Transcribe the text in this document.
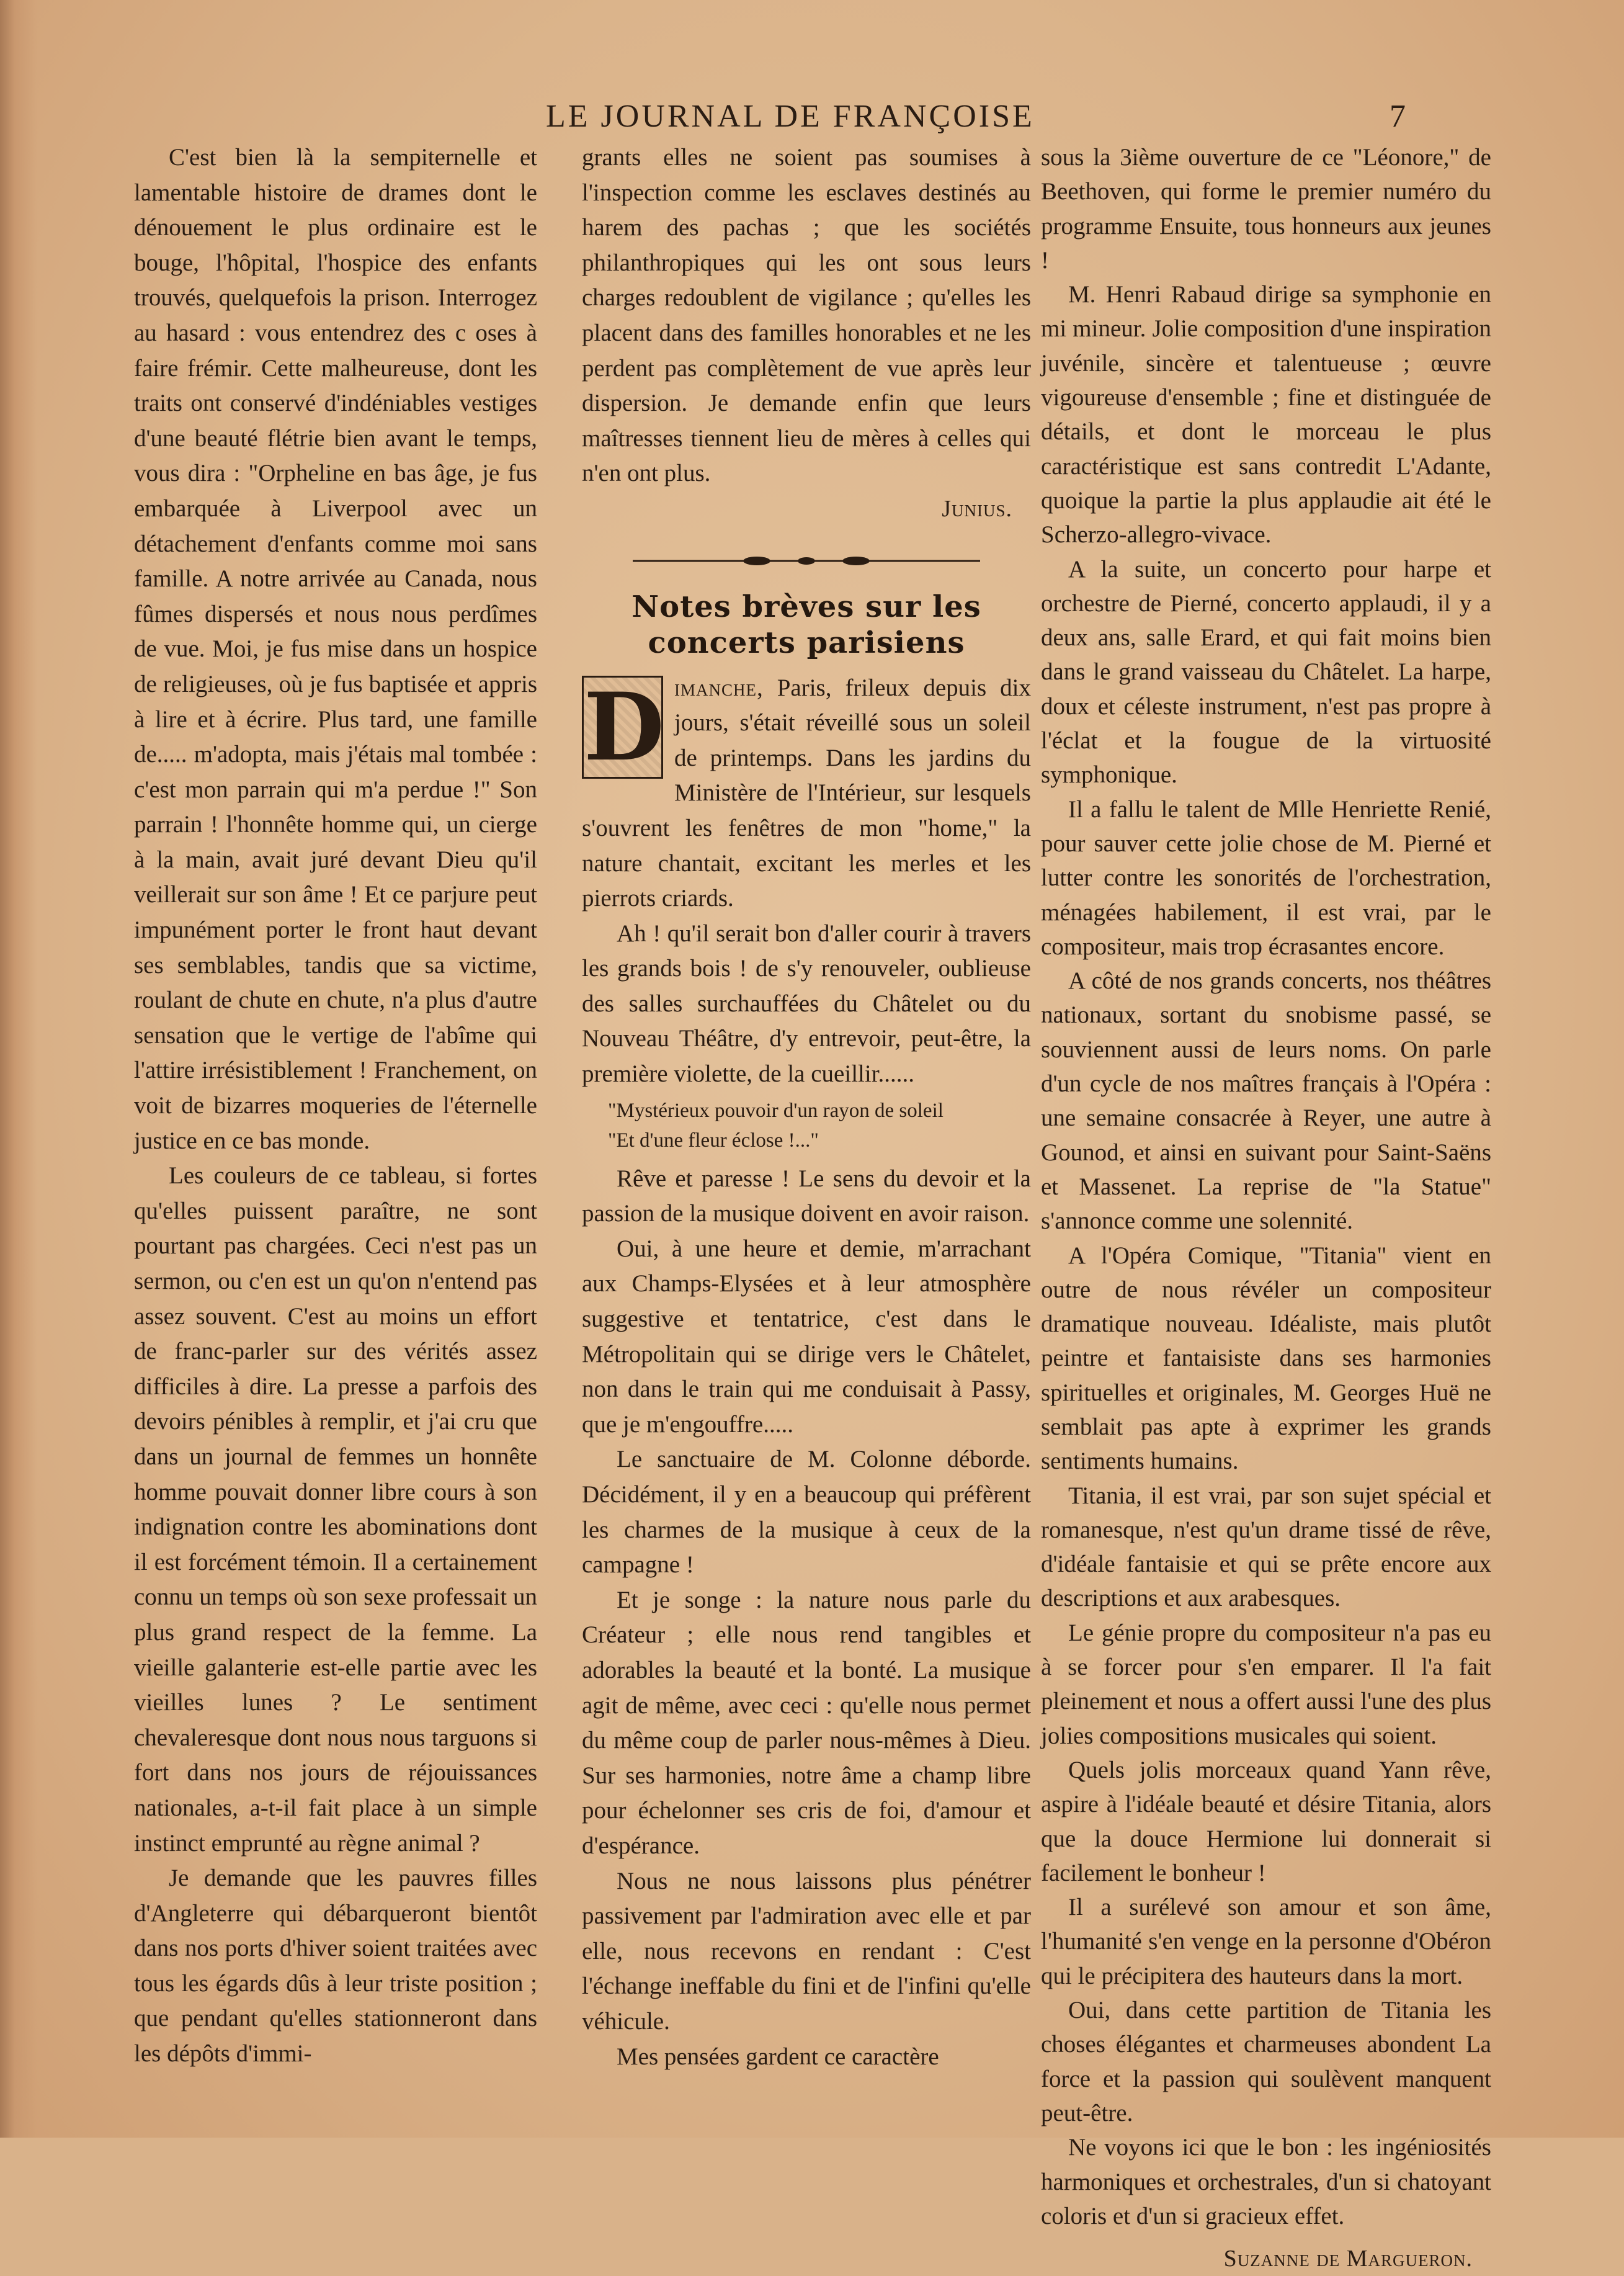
LE JOURNAL DE FRANÇOISE	7

C'est bien là la sempiternelle et lamentable histoire de drames dont le dénouement le plus ordinaire est le bouge, l'hôpital, l'hospice des enfants trouvés, quelquefois la prison. Interrogez au hasard : vous entendrez des c oses à faire frémir. Cette malheureuse, dont les traits ont conservé d'indéniables vestiges d'une beauté flétrie bien avant le temps, vous dira : "Orpheline en bas âge, je fus embarquée à Liverpool avec un détachement d'enfants comme moi sans famille. A notre arrivée au Canada, nous fûmes dispersés et nous nous perdîmes de vue. Moi, je fus mise dans un hospice de religieuses, où je fus baptisée et appris à lire et à écrire. Plus tard, une famille de..... m'adopta, mais j'étais mal tombée : c'est mon parrain qui m'a perdue !" Son parrain ! l'honnête homme qui, un cierge à la main, avait juré devant Dieu qu'il veillerait sur son âme ! Et ce parjure peut impunément porter le front haut devant ses semblables, tandis que sa victime, roulant de chute en chute, n'a plus d'autre sensation que le vertige de l'abîme qui l'attire irrésistiblement ! Franchement, on voit de bizarres moqueries de l'éternelle justice en ce bas monde.

Les couleurs de ce tableau, si fortes qu'elles puissent paraître, ne sont pourtant pas chargées. Ceci n'est pas un sermon, ou c'en est un qu'on n'entend pas assez souvent. C'est au moins un effort de franc-parler sur des vérités assez difficiles à dire. La presse a parfois des devoirs pénibles à remplir, et j'ai cru que dans un journal de femmes un honnête homme pouvait donner libre cours à son indignation contre les abominations dont il est forcément témoin. Il a certainement connu un temps où son sexe professait un plus grand respect de la femme. La vieille galanterie est-elle partie avec les vieilles lunes ? Le sentiment chevaleresque dont nous nous targuons si fort dans nos jours de réjouissances nationales, a-t-il fait place à un simple instinct emprunté au règne animal ?

Je demande que les pauvres filles d'Angleterre qui débarqueront bientôt dans nos ports d'hiver soient traitées avec tous les égards dûs à leur triste position ; que pendant qu'elles stationneront dans les dépôts d'immi-

grants elles ne soient pas soumises à l'inspection comme les esclaves destinés au harem des pachas ; que les sociétés philanthropiques qui les ont sous leurs charges redoublent de vigilance ; qu'elles les placent dans des familles honorables et ne les perdent pas complètement de vue après leur dispersion. Je demande enfin que leurs maîtresses tiennent lieu de mères à celles qui n'en ont plus.

Junius.
Notes brèves sur les concerts parisiens
D imanche, Paris, frileux depuis dix jours, s'était réveillé sous un soleil de printemps. Dans les jardins du Ministère de l'Intérieur, sur lesquels s'ouvrent les fenêtres de mon "home," la nature chantait, excitant les merles et les pierrots criards.

Ah ! qu'il serait bon d'aller courir à travers les grands bois ! de s'y renouveler, oublieuse des salles surchauffées du Châtelet ou du Nouveau Théâtre, d'y entrevoir, peut-être, la première violette, de la cueillir......

"Mystérieux pouvoir d'un rayon de soleil

"Et d'une fleur éclose !..."

Rêve et paresse ! Le sens du devoir et la passion de la musique doivent en avoir raison.

Oui, à une heure et demie, m'arrachant aux Champs-Elysées et à leur atmosphère suggestive et tentatrice, c'est dans le Métropolitain qui se dirige vers le Châtelet, non dans le train qui me conduisait à Passy, que je m'engouffre.....

Le sanctuaire de M. Colonne déborde. Décidément, il y en a beaucoup qui préfèrent les charmes de la musique à ceux de la campagne !

Et je songe : la nature nous parle du Créateur ; elle nous rend tangibles et adorables la beauté et la bonté. La musique agit de même, avec ceci : qu'elle nous permet du même coup de parler nous-mêmes à Dieu. Sur ses harmonies, notre âme a champ libre pour échelonner ses cris de foi, d'amour et d'espérance.

Nous ne nous laissons plus pénétrer passivement par l'admiration avec elle et par elle, nous recevons en rendant : C'est l'échange ineffable du fini et de l'infini qu'elle véhicule.

Mes pensées gardent ce caractère

sous la 3ième ouverture de ce "Léonore," de Beethoven, qui forme le premier numéro du programme Ensuite, tous honneurs aux jeunes !

M. Henri Rabaud dirige sa symphonie en mi mineur. Jolie composition d'une inspiration juvénile, sincère et talentueuse ; œuvre vigoureuse d'ensemble ; fine et distinguée de détails, et dont le morceau le plus caractéristique est sans contredit L'Adante, quoique la partie la plus applaudie ait été le Scherzo-allegro-vivace.

A la suite, un concerto pour harpe et orchestre de Pierné, concerto applaudi, il y a deux ans, salle Erard, et qui fait moins bien dans le grand vaisseau du Châtelet. La harpe, doux et céleste instrument, n'est pas propre à l'éclat et la fougue de la virtuosité symphonique.

Il a fallu le talent de Mlle Henriette Renié, pour sauver cette jolie chose de M. Pierné et lutter contre les sonorités de l'orchestration, ménagées habilement, il est vrai, par le compositeur, mais trop écrasantes encore.

A côté de nos grands concerts, nos théâtres nationaux, sortant du snobisme passé, se souviennent aussi de leurs noms. On parle d'un cycle de nos maîtres français à l'Opéra : une semaine consacrée à Reyer, une autre à Gounod, et ainsi en suivant pour Saint-Saëns et Massenet. La reprise de "la Statue" s'annonce comme une solennité.

A l'Opéra Comique, "Titania" vient en outre de nous révéler un compositeur dramatique nouveau. Idéaliste, mais plutôt peintre et fantaisiste dans ses harmonies spirituelles et originales, M. Georges Huë ne semblait pas apte à exprimer les grands sentiments humains.

Titania, il est vrai, par son sujet spécial et romanesque, n'est qu'un drame tissé de rêve, d'idéale fantaisie et qui se prête encore aux descriptions et aux arabesques.

Le génie propre du compositeur n'a pas eu à se forcer pour s'en emparer. Il l'a fait pleinement et nous a offert aussi l'une des plus jolies compositions musicales qui soient.

Quels jolis morceaux quand Yann rêve, aspire à l'idéale beauté et désire Titania, alors que la douce Hermione lui donnerait si facilement le bonheur !

Il a surélevé son amour et son âme, l'humanité s'en venge en la personne d'Obéron qui le précipitera des hauteurs dans la mort.

Oui, dans cette partition de Titania les choses élégantes et charmeuses abondent La force et la passion qui soulèvent manquent peut-être.

Ne voyons ici que le bon : les ingéniosités harmoniques et orchestrales, d'un si chatoyant coloris et d'un si gracieux effet.

Suzanne de Margueron.
